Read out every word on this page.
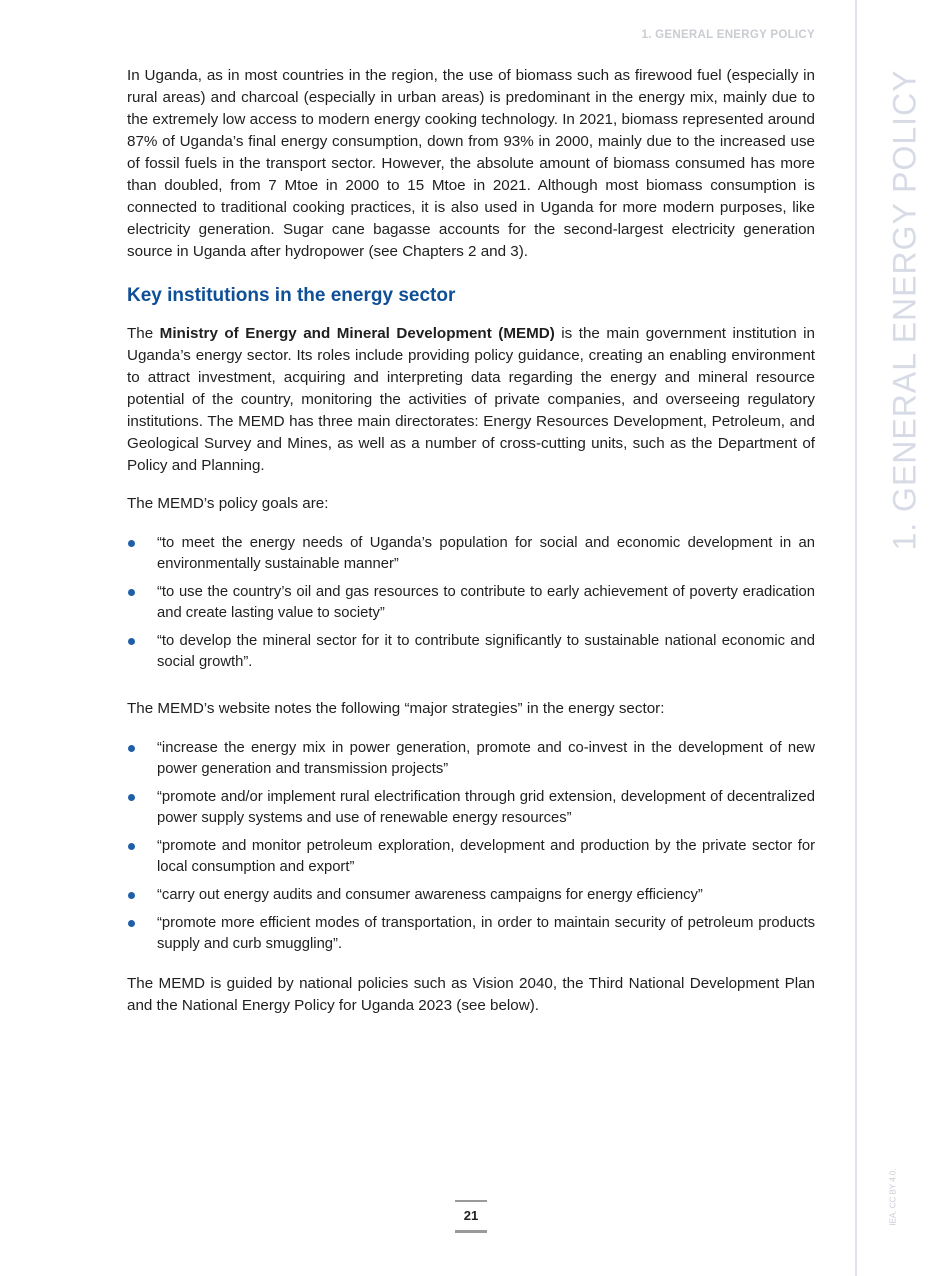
1. GENERAL ENERGY POLICY
1. GENERAL ENERGY POLICY
IEA. CC BY 4.0.

In Uganda, as in most countries in the region, the use of biomass such as firewood fuel (especially in rural areas) and charcoal (especially in urban areas) is predominant in the energy mix, mainly due to the extremely low access to modern energy cooking technology. In 2021, biomass represented around 87% of Uganda’s final energy consumption, down from 93% in 2000, mainly due to the increased use of fossil fuels in the transport sector. However, the absolute amount of biomass consumed has more than doubled, from 7 Mtoe in 2000 to 15 Mtoe in 2021. Although most biomass consumption is connected to traditional cooking practices, it is also used in Uganda for more modern purposes, like electricity generation. Sugar cane bagasse accounts for the second-largest electricity generation source in Uganda after hydropower (see Chapters 2 and 3).

Key institutions in the energy sector

The Ministry of Energy and Mineral Development (MEMD) is the main government institution in Uganda’s energy sector. Its roles include providing policy guidance, creating an enabling environment to attract investment, acquiring and interpreting data regarding the energy and mineral resource potential of the country, monitoring the activities of private companies, and overseeing regulatory institutions. The MEMD has three main directorates: Energy Resources Development, Petroleum, and Geological Survey and Mines, as well as a number of cross-cutting units, such as the Department of Policy and Planning.

The MEMD’s policy goals are:

“to meet the energy needs of Uganda’s population for social and economic development in an environmentally sustainable manner”
“to use the country’s oil and gas resources to contribute to early achievement of poverty eradication and create lasting value to society”
“to develop the mineral sector for it to contribute significantly to sustainable national economic and social growth”.

The MEMD’s website notes the following “major strategies” in the energy sector:

“increase the energy mix in power generation, promote and co-invest in the development of new power generation and transmission projects”
“promote and/or implement rural electrification through grid extension, development of decentralized power supply systems and use of renewable energy resources”
“promote and monitor petroleum exploration, development and production by the private sector for local consumption and export”
“carry out energy audits and consumer awareness campaigns for energy efficiency”
“promote more efficient modes of transportation, in order to maintain security of petroleum products supply and curb smuggling”.

The MEMD is guided by national policies such as Vision 2040, the Third National Development Plan and the National Energy Policy for Uganda 2023 (see below).

21
